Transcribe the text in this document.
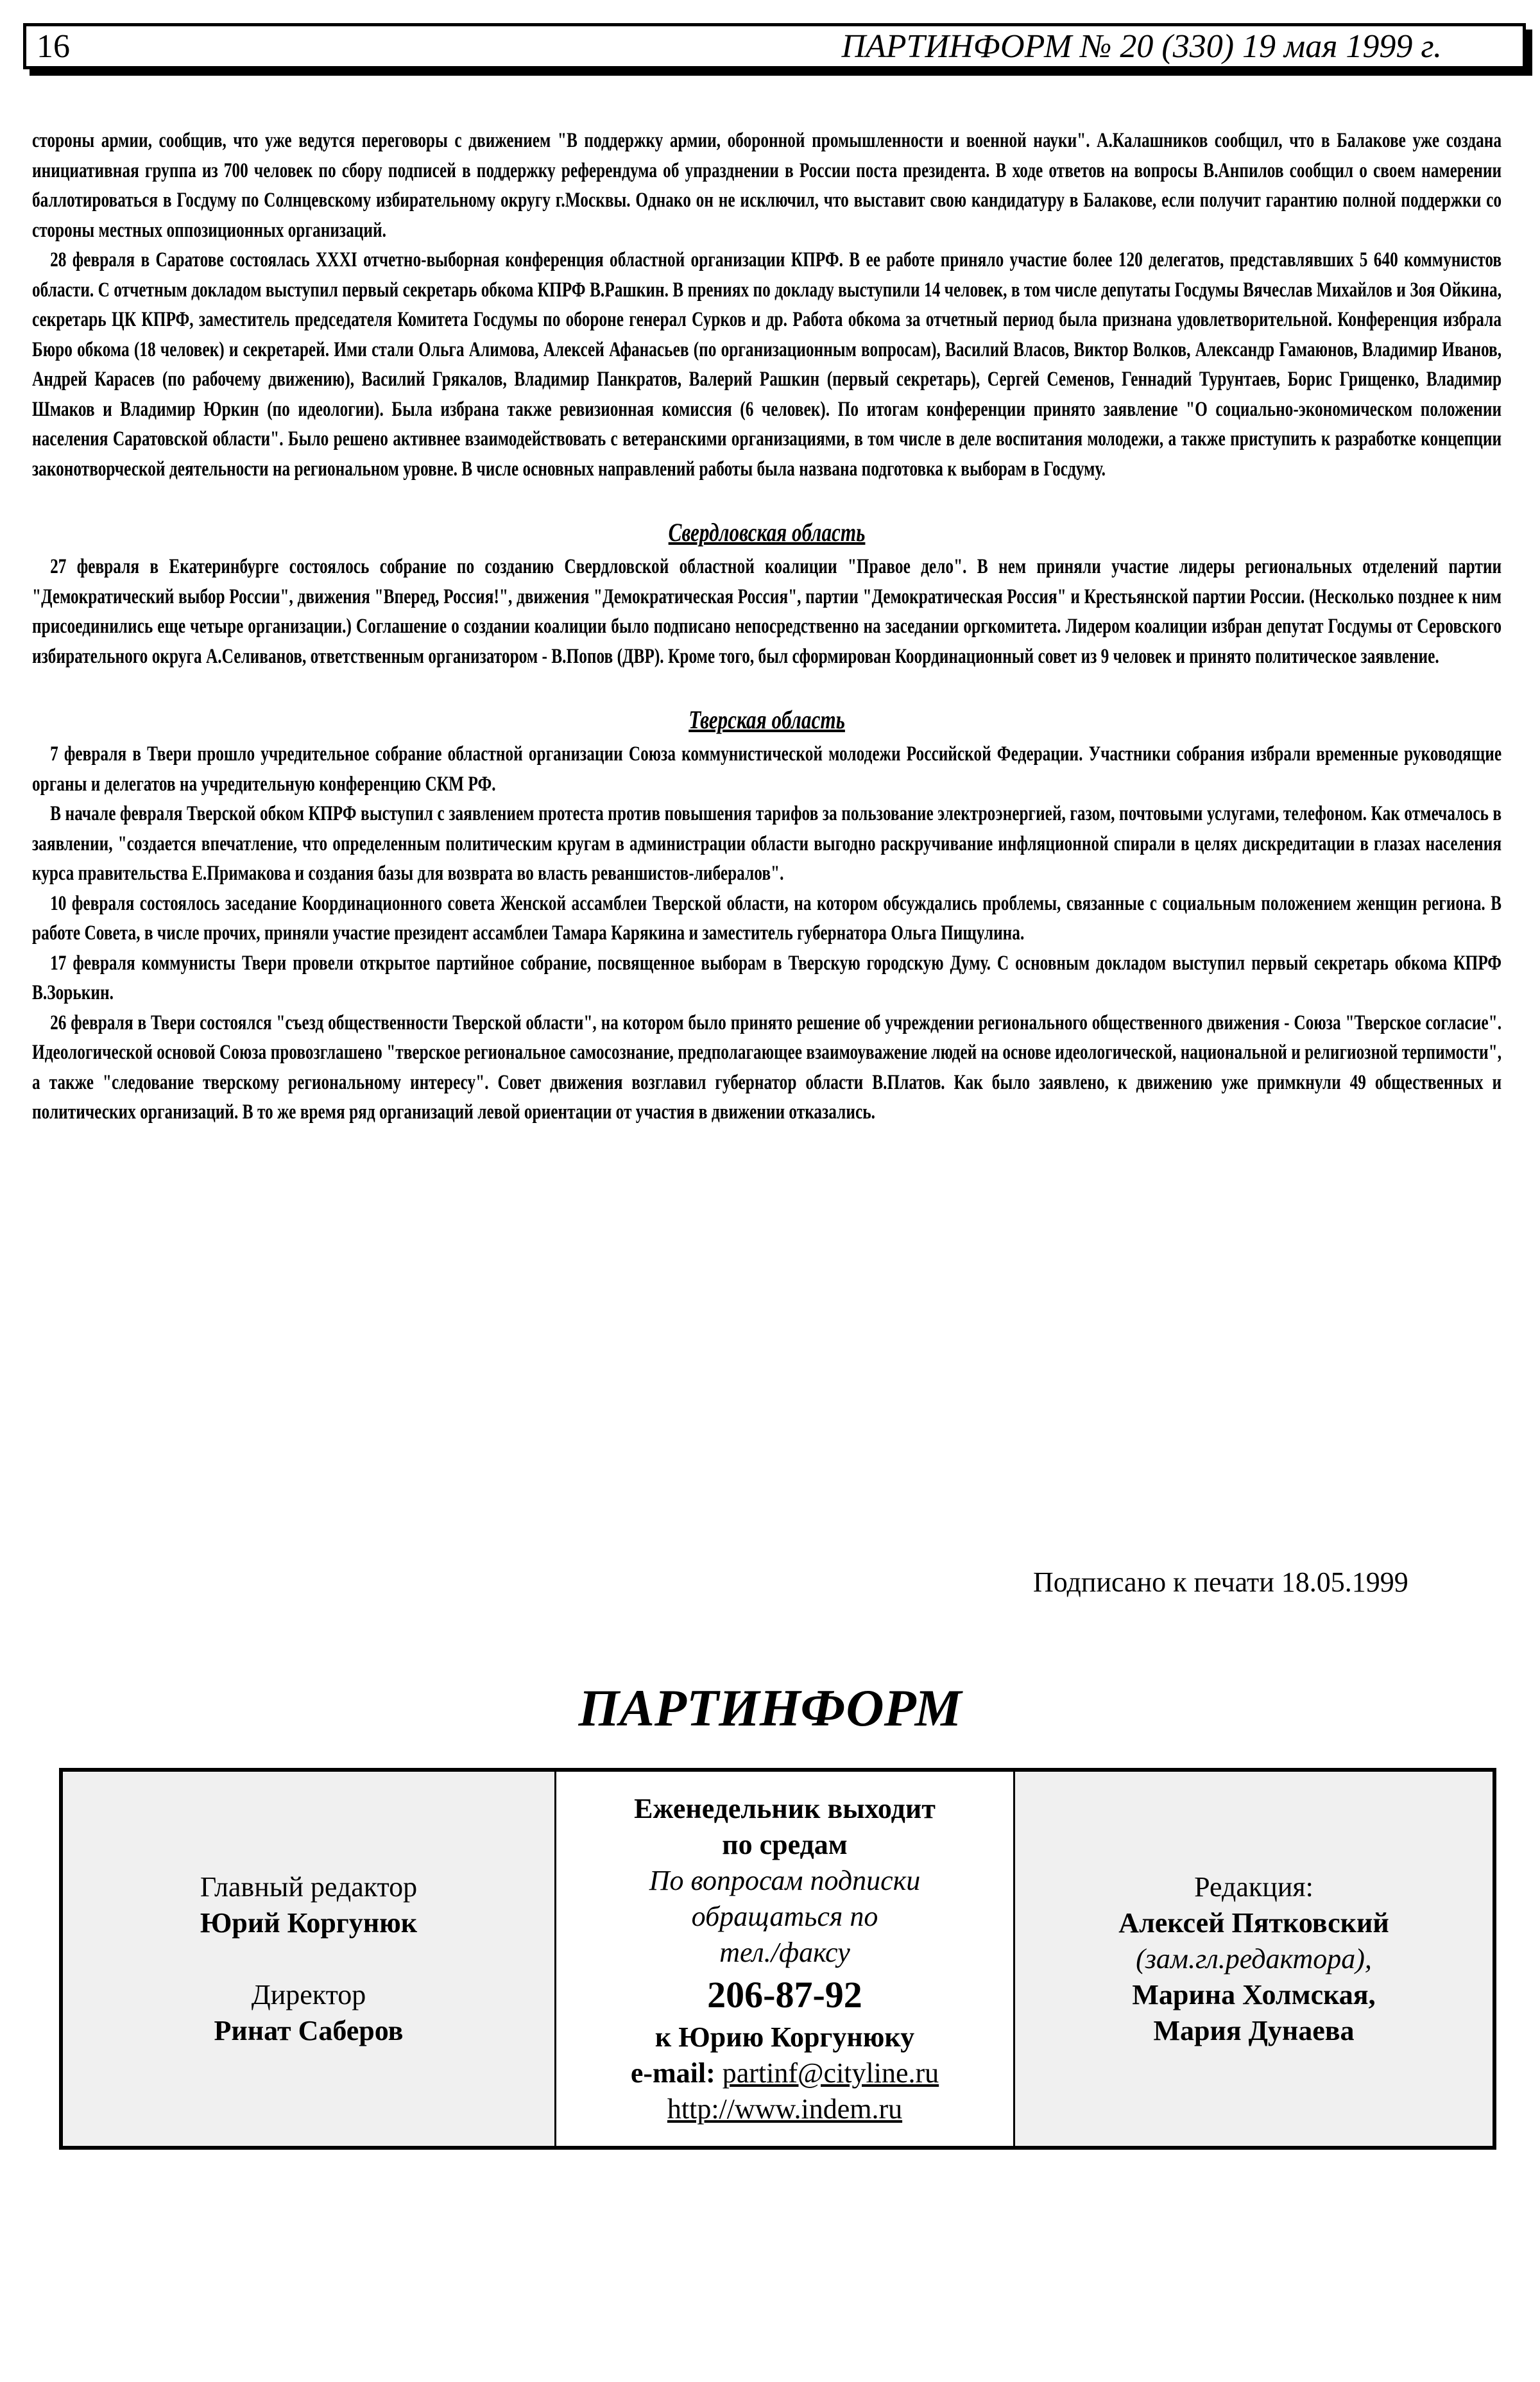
16	ПАРТИНФОРМ № 20 (330) 19 мая 1999 г.

стороны армии, сообщив, что уже ведутся переговоры с движением "В поддержку армии, оборонной промышленности и военной науки". А.Калашников сообщил, что в Балакове уже создана инициативная группа из 700 человек по сбору подписей в поддержку референдума об упразднении в России поста президента. В ходе ответов на вопросы В.Анпилов сообщил о своем намерении баллотироваться в Госдуму по Солнцевскому избирательному округу г.Москвы. Однако он не исключил, что выставит свою кандидатуру в Балакове, если получит гарантию полной поддержки со стороны местных оппозиционных организаций.

28 февраля в Саратове состоялась XXXI отчетно-выборная конференция областной организации КПРФ. В ее работе приняло участие более 120 делегатов, представлявших 5 640 коммунистов области. С отчетным докладом выступил первый секретарь обкома КПРФ В.Рашкин. В прениях по докладу выступили 14 человек, в том числе депутаты Госдумы Вячеслав Михайлов и Зоя Ойкина, секретарь ЦК КПРФ, заместитель председателя Комитета Госдумы по обороне генерал Сурков и др. Работа обкома за отчетный период была признана удовлетворительной. Конференция избрала Бюро обкома (18 человек) и секретарей. Ими стали Ольга Алимова, Алексей Афанасьев (по организационным вопросам), Василий Власов, Виктор Волков, Александр Гамаюнов, Владимир Иванов, Андрей Карасев (по рабочему движению), Василий Грякалов, Владимир Панкратов, Валерий Рашкин (первый секретарь), Сергей Семенов, Геннадий Турунтаев, Борис Грищенко, Владимир Шмаков и Владимир Юркин (по идеологии). Была избрана также ревизионная комиссия (6 человек). По итогам конференции принято заявление "О социально-экономическом положении населения Саратовской области". Было решено активнее взаимодействовать с ветеранскими организациями, в том числе в деле воспитания молодежи, а также приступить к разработке концепции законотворческой деятельности на региональном уровне. В числе основных направлений работы была названа подготовка к выборам в Госдуму.

Свердловская область

27 февраля в Екатеринбурге состоялось собрание по созданию Свердловской областной коалиции "Правое дело". В нем приняли участие лидеры региональных отделений партии "Демократический выбор России", движения "Вперед, Россия!", движения "Демократическая Россия", партии "Демократическая Россия" и Крестьянской партии России. (Несколько позднее к ним присоединились еще четыре организации.) Соглашение о создании коалиции было подписано непосредственно на заседании оргкомитета. Лидером коалиции избран депутат Госдумы от Серовского избирательного округа А.Селиванов, ответственным организатором - В.Попов (ДВР). Кроме того, был сформирован Координационный совет из 9 человек и принято политическое заявление.

Тверская область

7 февраля в Твери прошло учредительное собрание областной организации Союза коммунистической молодежи Российской Федерации. Участники собрания избрали временные руководящие органы и делегатов на учредительную конференцию СКМ РФ.

В начале февраля Тверской обком КПРФ выступил с заявлением протеста против повышения тарифов за пользование электроэнергией, газом, почтовыми услугами, телефоном. Как отмечалось в заявлении, "создается впечатление, что определенным политическим кругам в администрации области выгодно раскручивание инфляционной спирали в целях дискредитации в глазах населения курса правительства Е.Примакова и создания базы для возврата во власть реваншистов-либералов".

10 февраля состоялось заседание Координационного совета Женской ассамблеи Тверской области, на котором обсуждались проблемы, связанные с социальным положением женщин региона. В работе Совета, в числе прочих, приняли участие президент ассамблеи Тамара Карякина и заместитель губернатора Ольга Пищулина.

17 февраля коммунисты Твери провели открытое партийное собрание, посвященное выборам в Тверскую городскую Думу. С основным докладом выступил первый секретарь обкома КПРФ В.Зорькин.

26 февраля в Твери состоялся "съезд общественности Тверской области", на котором было принято решение об учреждении регионального общественного движения - Союза "Тверское согласие". Идеологической основой Союза провозглашено "тверское региональное самосознание, предполагающее взаимоуважение людей на основе идеологической, национальной и религиозной терпимости", а также "следование тверскому региональному интересу". Совет движения возглавил губернатор области В.Платов. Как было заявлено, к движению уже примкнули 49 общественных и политических организаций. В то же время ряд организаций левой ориентации от участия в движении отказались.

Подписано к печати 18.05.1999
ПАРТИНФОРМ
Главный редактор
Юрий Коргунюк
Директор
Ринат Саберов
Еженедельник выходит
по средам
По вопросам подписки
обращаться по
тел./факсу
206-87-92
к Юрию Коргунюку
e-mail: partinf@cityline.ru
http://www.indem.ru
Редакция:
Алексей Пятковский
(зам.гл.редактора),
Марина Холмская,
Мария Дунаева
